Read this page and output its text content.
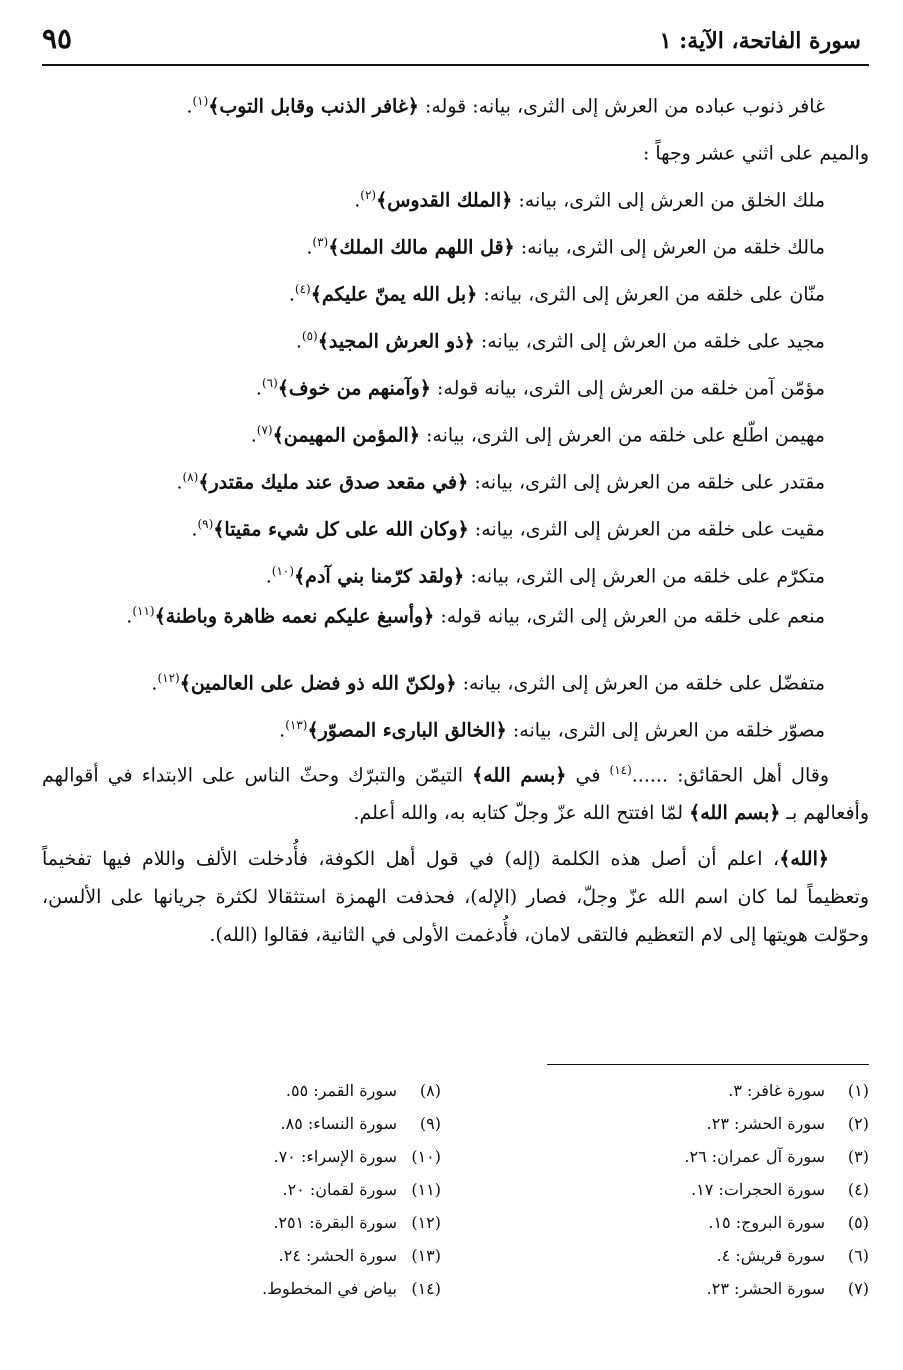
سورة الفاتحة، الآية: ١
٩٥
غافر ذنوب عباده من العرش إلى الثرى، بيانه: قوله: ﴿غافر الذنب وقابل التوب﴾$^{(١)}$.
والميم على اثني عشر وجهاً :
ملك الخلق من العرش إلى الثرى، بيانه: ﴿الملك القدوس﴾$^{(٢)}$.
مالك خلقه من العرش إلى الثرى، بيانه: ﴿قل اللهم مالك الملك﴾$^{(٣)}$.
منّان على خلقه من العرش إلى الثرى، بيانه: ﴿بل الله يمنّ عليكم﴾$^{(٤)}$.
مجيد على خلقه من العرش إلى الثرى، بيانه: ﴿ذو العرش المجيد﴾$^{(٥)}$.
مؤمّن آمن خلقه من العرش إلى الثرى، بيانه قوله: ﴿وآمنهم من خوف﴾$^{(٦)}$.
مهيمن اطّلع على خلقه من العرش إلى الثرى، بيانه: ﴿المؤمن المهيمن﴾$^{(٧)}$.
مقتدر على خلقه من العرش إلى الثرى، بيانه: ﴿في مقعد صدق عند مليك مقتدر﴾$^{(٨)}$.
مقيت على خلقه من العرش إلى الثرى، بيانه: ﴿وكان الله على كل شيء مقيتا﴾$^{(٩)}$.
متكرّم على خلقه من العرش إلى الثرى، بيانه: ﴿ولقد كرّمنا بني آدم﴾$^{(١٠)}$.
منعم على خلقه من العرش إلى الثرى، بيانه قوله: ﴿وأسبغ عليكم نعمه ظاهرة وباطنة﴾$^{(١١)}$.
متفضّل على خلقه من العرش إلى الثرى، بيانه: ﴿ولكنّ الله ذو فضل على العالمين﴾$^{(١٢)}$.
مصوّر خلقه من العرش إلى الثرى، بيانه: ﴿الخالق البارىء المصوّر﴾$^{(١٣)}$.

وقال أهل الحقائق: ......$^{(١٤)}$ في ﴿بسم الله﴾ التيمّن والتبرّك وحثّ الناس على الابتداء في أقوالهم وأفعالهم بـ ﴿بسم الله﴾ لمّا افتتح الله عزّ وجلّ كتابه به، والله أعلم.

﴿الله﴾، اعلم أن أصل هذه الكلمة (إله) في قول أهل الكوفة، فأُدخلت الألف واللام فيها تفخيماً وتعظيماً لما كان اسم الله عزّ وجلّ، فصار (الإله)، فحذفت الهمزة استثقالا لكثرة جريانها على الألسن، وحوّلت هويتها إلى لام التعظيم فالتقى لامان، فأُدغمت الأولى في الثانية، فقالوا (الله).

(١)سورة غافر: ٣.
(٢)سورة الحشر: ٢٣.
(٣)سورة آل عمران: ٢٦.
(٤)سورة الحجرات: ١٧.
(٥)سورة البروج: ١٥.
(٦)سورة قريش: ٤.
(٧)سورة الحشر: ٢٣.
(٨)سورة القمر: ٥٥.
(٩)سورة النساء: ٨٥.
(١٠)سورة الإسراء: ٧٠.
(١١)سورة لقمان: ٢٠.
(١٢)سورة البقرة: ٢٥١.
(١٣)سورة الحشر: ٢٤.
(١٤)بياض في المخطوط.
